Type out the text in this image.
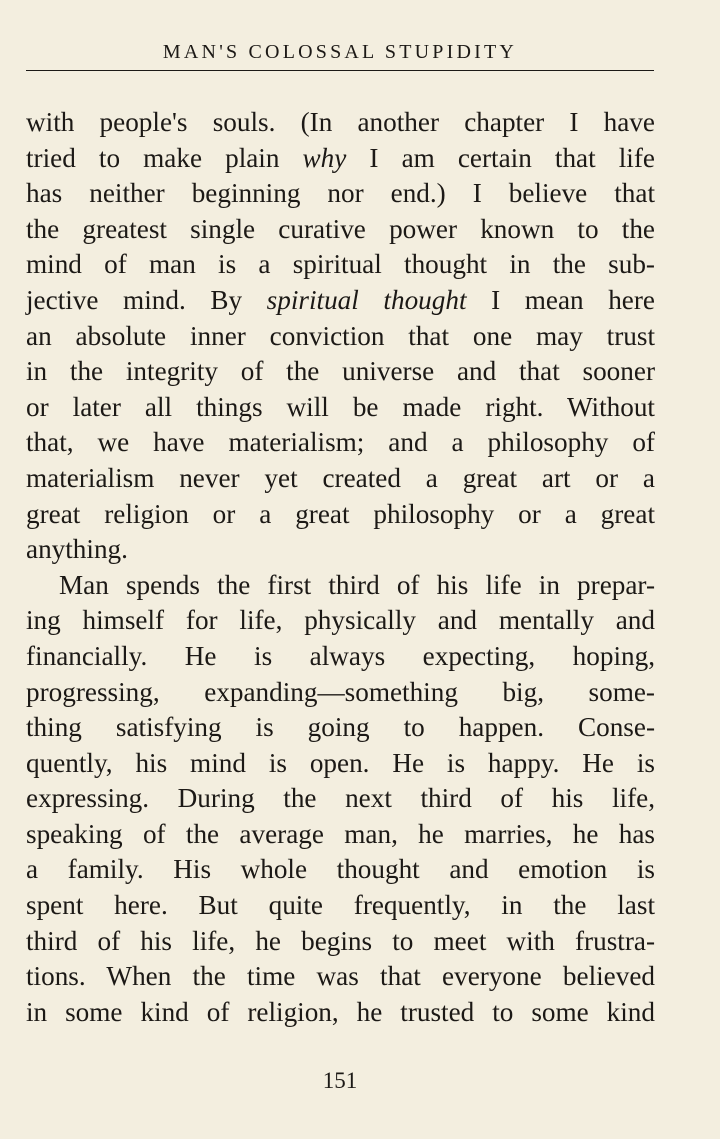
MAN'S COLOSSAL STUPIDITY
with people's souls. (In another chapter I have
tried to make plain why I am certain that life
has neither beginning nor end.) I believe that
the greatest single curative power known to the
mind of man is a spiritual thought in the sub-
jective mind. By spiritual thought I mean here
an absolute inner conviction that one may trust
in the integrity of the universe and that sooner
or later all things will be made right. Without
that, we have materialism; and a philosophy of
materialism never yet created a great art or a
great religion or a great philosophy or a great
anything.
Man spends the first third of his life in prepar-
ing himself for life, physically and mentally and
financially. He is always expecting, hoping,
progressing, expanding—something big, some-
thing satisfying is going to happen. Conse-
quently, his mind is open. He is happy. He is
expressing. During the next third of his life,
speaking of the average man, he marries, he has
a family. His whole thought and emotion is
spent here. But quite frequently, in the last
third of his life, he begins to meet with frustra-
tions. When the time was that everyone believed
in some kind of religion, he trusted to some kind
151
